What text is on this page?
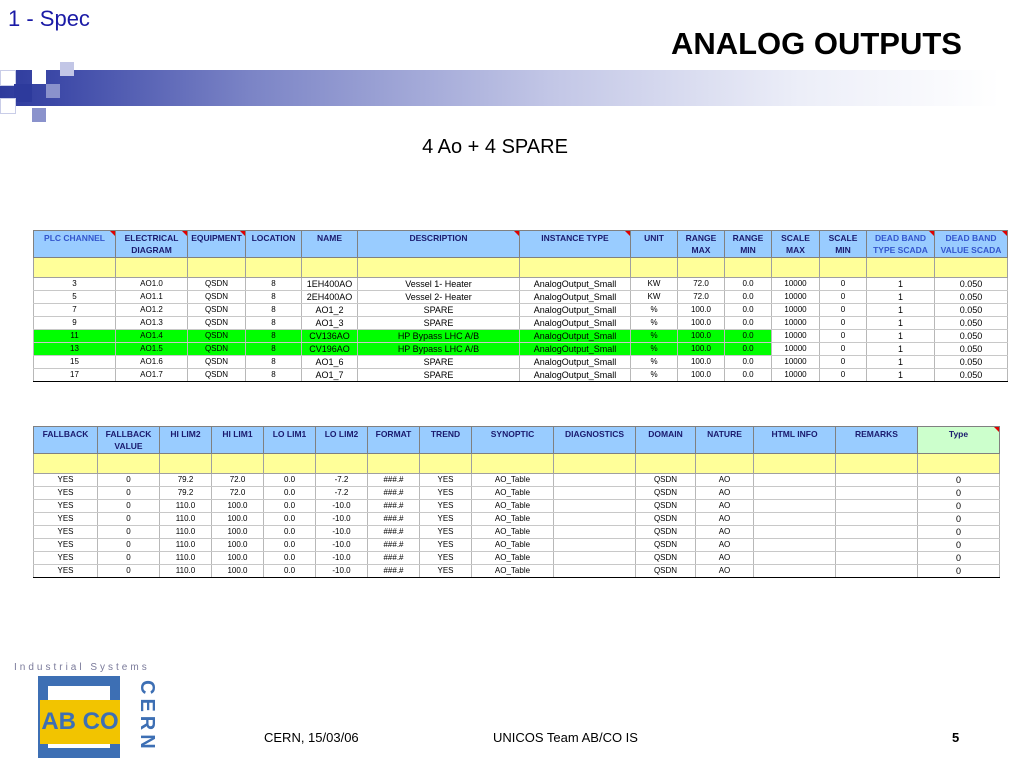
1 - Spec
ANALOG OUTPUTS
4 Ao + 4 SPARE
PLC CHANNEL	ELECTRICAL DIAGRAM	EQUIPMENT	LOCATION	NAME	DESCRIPTION	INSTANCE TYPE	UNIT	RANGE MAX	RANGE MIN	SCALE MAX	SCALE MIN	DEAD BAND TYPE SCADA	DEAD BAND VALUE SCADA

3	AO1.0	QSDN	8	1EH400AO	Vessel 1- Heater	AnalogOutput_Small	KW	72.0	0.0	10000	0	1	0.050
5	AO1.1	QSDN	8	2EH400AO	Vessel 2- Heater	AnalogOutput_Small	KW	72.0	0.0	10000	0	1	0.050
7	AO1.2	QSDN	8	AO1_2	SPARE	AnalogOutput_Small	%	100.0	0.0	10000	0	1	0.050
9	AO1.3	QSDN	8	AO1_3	SPARE	AnalogOutput_Small	%	100.0	0.0	10000	0	1	0.050
11	AO1.4	QSDN	8	CV136AO	HP Bypass LHC A/B	AnalogOutput_Small	%	100.0	0.0	10000	0	1	0.050
13	AO1.5	QSDN	8	CV196AO	HP Bypass LHC A/B	AnalogOutput_Small	%	100.0	0.0	10000	0	1	0.050
15	AO1.6	QSDN	8	AO1_6	SPARE	AnalogOutput_Small	%	100.0	0.0	10000	0	1	0.050
17	AO1.7	QSDN	8	AO1_7	SPARE	AnalogOutput_Small	%	100.0	0.0	10000	0	1	0.050
FALLBACK	FALLBACK VALUE	HI LIM2	HI LIM1	LO LIM1	LO LIM2	FORMAT	TREND	SYNOPTIC	DIAGNOSTICS	DOMAIN	NATURE	HTML INFO	REMARKS	Type

YES	0	79.2	72.0	0.0	-7.2	###.#	YES	AO_Table		QSDN	AO			0
YES	0	79.2	72.0	0.0	-7.2	###.#	YES	AO_Table		QSDN	AO			0
YES	0	110.0	100.0	0.0	-10.0	###.#	YES	AO_Table		QSDN	AO			0
YES	0	110.0	100.0	0.0	-10.0	###.#	YES	AO_Table		QSDN	AO			0
YES	0	110.0	100.0	0.0	-10.0	###.#	YES	AO_Table		QSDN	AO			0
YES	0	110.0	100.0	0.0	-10.0	###.#	YES	AO_Table		QSDN	AO			0
YES	0	110.0	100.0	0.0	-10.0	###.#	YES	AO_Table		QSDN	AO			0
YES	0	110.0	100.0	0.0	-10.0	###.#	YES	AO_Table		QSDN	AO			0
Industrial Systems
AB CO CERN	CERN, 15/03/06	UNICOS Team AB/CO IS	5
